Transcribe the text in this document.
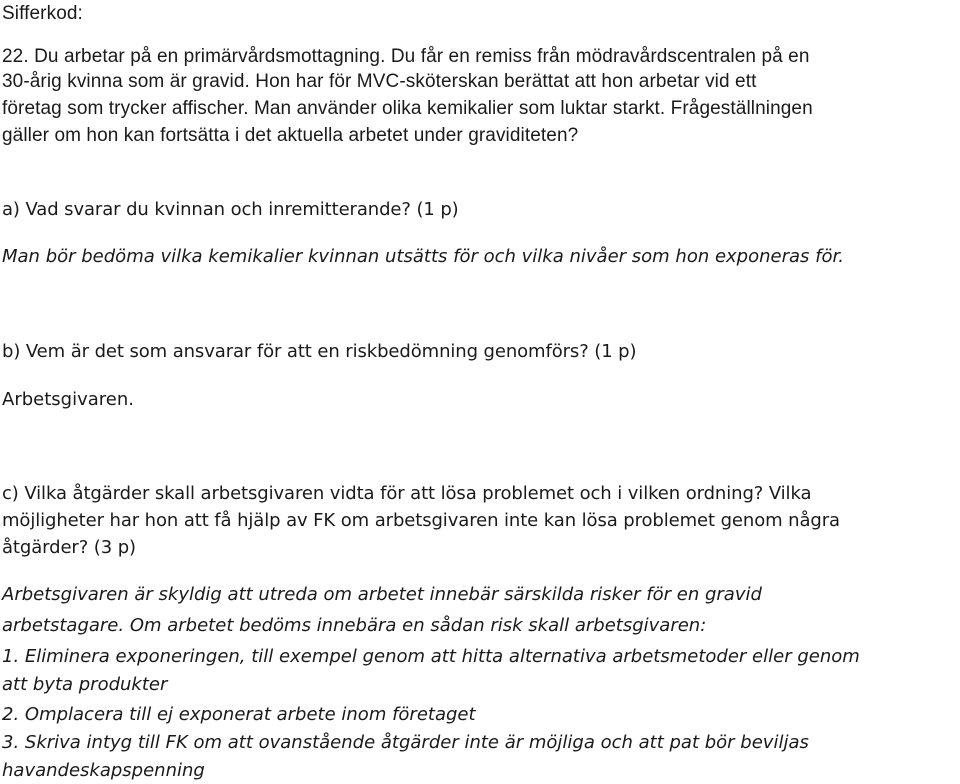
Sifferkod:
22. Du arbetar på en primärvårdsmottagning. Du får en remiss från mödravårdscentralen på en
30-årig kvinna som är gravid. Hon har för MVC-sköterskan berättat att hon arbetar vid ett
företag som trycker affischer. Man använder olika kemikalier som luktar starkt. Frågeställningen
gäller om hon kan fortsätta i det aktuella arbetet under graviditeten?
a) Vad svarar du kvinnan och inremitterande? (1 p)
Man bör bedöma vilka kemikalier kvinnan utsätts för och vilka nivåer som hon exponeras för.
b) Vem är det som ansvarar för att en riskbedömning genomförs? (1 p)
Arbetsgivaren.
c) Vilka åtgärder skall arbetsgivaren vidta för att lösa problemet och i vilken ordning? Vilka
möjligheter har hon att få hjälp av FK om arbetsgivaren inte kan lösa problemet genom några
åtgärder? (3 p)
Arbetsgivaren är skyldig att utreda om arbetet innebär särskilda risker för en gravid
arbetstagare. Om arbetet bedöms innebära en sådan risk skall arbetsgivaren:
1. Eliminera exponeringen, till exempel genom att hitta alternativa arbetsmetoder eller genom
att byta produkter
2. Omplacera till ej exponerat arbete inom företaget
3. Skriva intyg till FK om att ovanstående åtgärder inte är möjliga och att pat bör beviljas
havandeskapspenning
